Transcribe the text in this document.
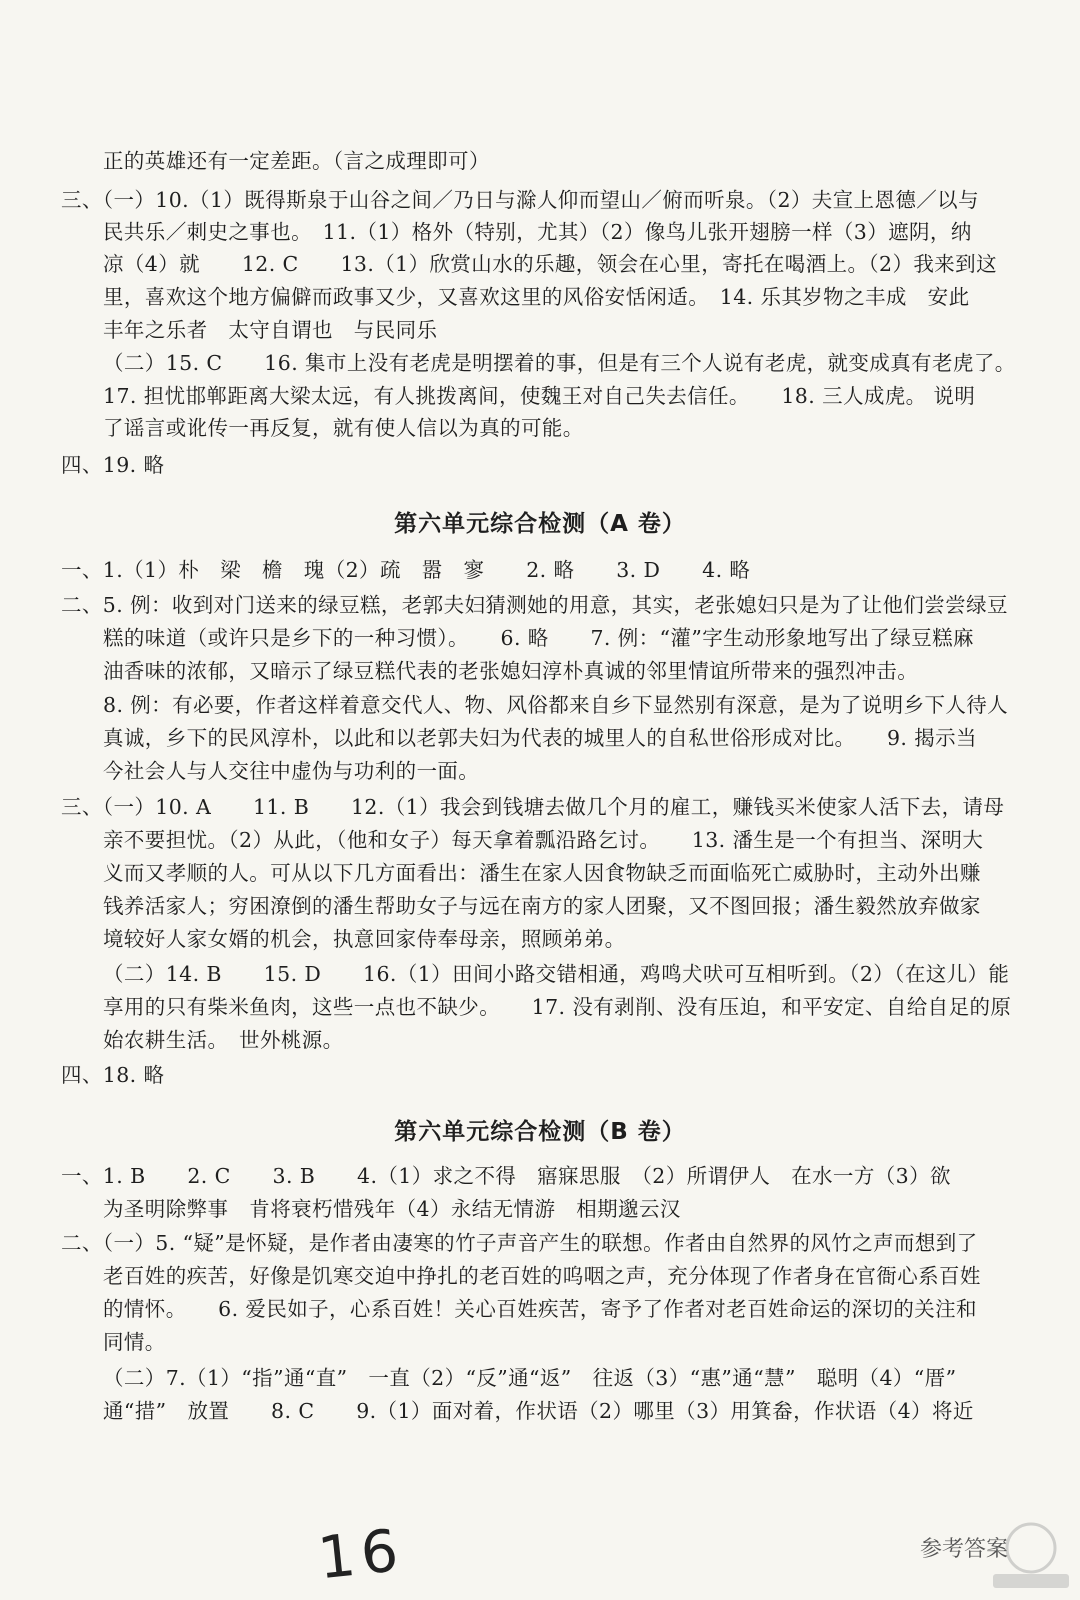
正的英雄还有一定差距。（言之成理即可）
三、（一）10.（1）既得斯泉于山谷之间／乃日与滁人仰而望山／俯而听泉。（2）夫宣上恩德／以与
民共乐／刺史之事也。　11.（1）格外（特别，尤其）（2）像鸟儿张开翅膀一样（3）遮阴，纳
凉（4）就　　12. C　　13.（1）欣赏山水的乐趣，领会在心里，寄托在喝酒上。（2）我来到这
里，喜欢这个地方偏僻而政事又少，又喜欢这里的风俗安恬闲适。　14. 乐其岁物之丰成　安此
丰年之乐者　太守自谓也　与民同乐
（二）15. C　　16. 集市上没有老虎是明摆着的事，但是有三个人说有老虎，就变成真有老虎了。
17. 担忧邯郸距离大梁太远，有人挑拨离间，使魏王对自己失去信任。　　18. 三人成虎。 说明
了谣言或讹传一再反复，就有使人信以为真的可能。
四、19. 略
第六单元综合检测（A 卷）
一、1.（1）朴　梁　檐　瑰（2）疏　嚣　寥　　2. 略　　3. D　　4. 略
二、5. 例：收到对门送来的绿豆糕，老郭夫妇猜测她的用意，其实，老张媳妇只是为了让他们尝尝绿豆
糕的味道（或许只是乡下的一种习惯）。　　6. 略　　7. 例：“灌”字生动形象地写出了绿豆糕麻
油香味的浓郁，又暗示了绿豆糕代表的老张媳妇淳朴真诚的邻里情谊所带来的强烈冲击。
8. 例：有必要，作者这样着意交代人、物、风俗都来自乡下显然别有深意，是为了说明乡下人待人
真诚，乡下的民风淳朴，以此和以老郭夫妇为代表的城里人的自私世俗形成对比。　　9. 揭示当
今社会人与人交往中虚伪与功利的一面。
三、（一）10. A　　11. B　　12.（1）我会到钱塘去做几个月的雇工，赚钱买米使家人活下去，请母
亲不要担忧。（2）从此，（他和女子）每天拿着瓢沿路乞讨。　　13. 潘生是一个有担当、深明大
义而又孝顺的人。可从以下几方面看出：潘生在家人因食物缺乏而面临死亡威胁时，主动外出赚
钱养活家人；穷困潦倒的潘生帮助女子与远在南方的家人团聚，又不图回报；潘生毅然放弃做家
境较好人家女婿的机会，执意回家侍奉母亲，照顾弟弟。
（二）14. B　　15. D　　16.（1）田间小路交错相通，鸡鸣犬吠可互相听到。（2）（在这儿）能
享用的只有柴米鱼肉，这些一点也不缺少。　　17. 没有剥削、没有压迫，和平安定、自给自足的原
始农耕生活。　世外桃源。
四、18. 略
第六单元综合检测（B 卷）
一、1. B　　2. C　　3. B　　4.（1）求之不得　寤寐思服　（2）所谓伊人　在水一方（3）欲
为圣明除弊事　肯将衰朽惜残年（4）永结无情游　相期邈云汉
二、（一）5. “疑”是怀疑，是作者由凄寒的竹子声音产生的联想。作者由自然界的风竹之声而想到了
老百姓的疾苦，好像是饥寒交迫中挣扎的老百姓的呜咽之声，充分体现了作者身在官衙心系百姓
的情怀。　　6. 爱民如子，心系百姓！关心百姓疾苦，寄予了作者对老百姓命运的深切的关注和
同情。
（二）7.（1）“指”通“直”　一直（2）“反”通“返”　往返（3）“惠”通“慧”　聪明（4）“厝”
通“措”　放置　　8. C　　9.（1）面对着，作状语（2）哪里（3）用箕畚，作状语（4）将近
16	参考答案
